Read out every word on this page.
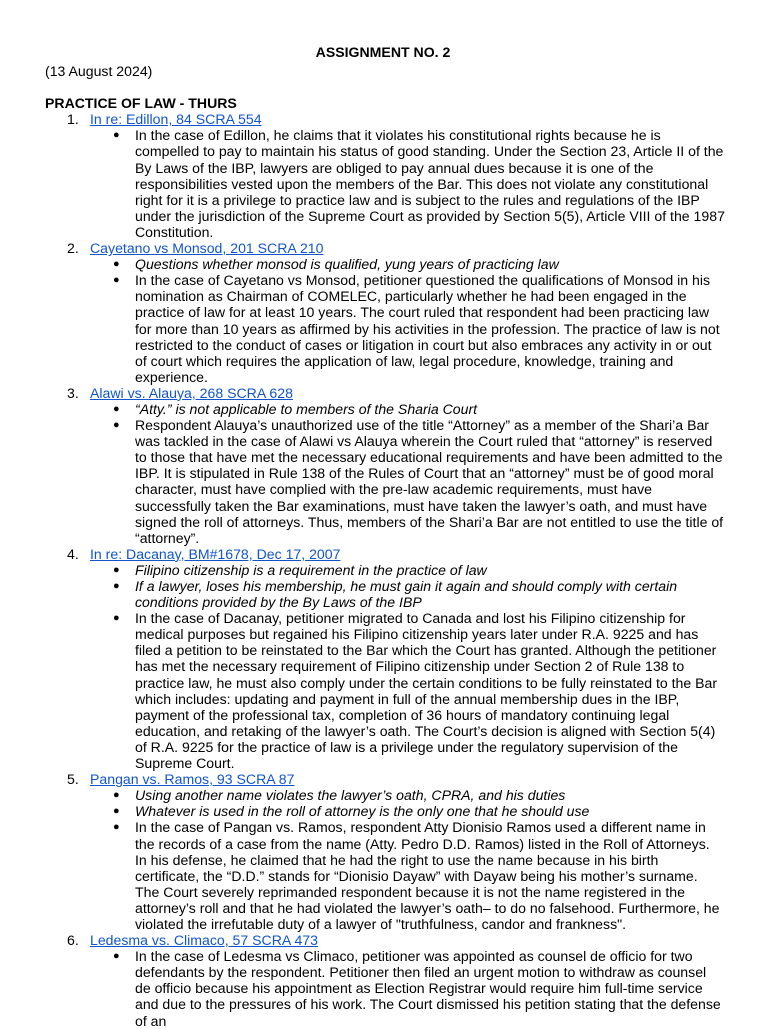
ASSIGNMENT NO. 2
(13 August 2024)
PRACTICE OF LAW - THURS
1. In re: Edillon, 84 SCRA 554
● In the case of Edillon, he claims that it violates his constitutional rights because he is compelled to pay to maintain his status of good standing. Under the Section 23, Article II of the By Laws of the IBP, lawyers are obliged to pay annual dues because it is one of the responsibilities vested upon the members of the Bar. This does not violate any constitutional right for it is a privilege to practice law and is subject to the rules and regulations of the IBP under the jurisdiction of the Supreme Court as provided by Section 5(5), Article VIII of the 1987 Constitution.
2. Cayetano vs Monsod, 201 SCRA 210
● Questions whether monsod is qualified, yung years of practicing law
● In the case of Cayetano vs Monsod, petitioner questioned the qualifications of Monsod in his nomination as Chairman of COMELEC, particularly whether he had been engaged in the practice of law for at least 10 years. The court ruled that respondent had been practicing law for more than 10 years as affirmed by his activities in the profession. The practice of law is not restricted to the conduct of cases or litigation in court but also embraces any activity in or out of court which requires the application of law, legal procedure, knowledge, training and experience.
3. Alawi vs. Alauya, 268 SCRA 628
● “Atty.” is not applicable to members of the Sharia Court
● Respondent Alauya’s unauthorized use of the title “Attorney” as a member of the Shari’a Bar was tackled in the case of Alawi vs Alauya wherein the Court ruled that “attorney” is reserved to those that have met the necessary educational requirements and have been admitted to the IBP. It is stipulated in Rule 138 of the Rules of Court that an “attorney” must be of good moral character, must have complied with the pre-law academic requirements, must have successfully taken the Bar examinations, must have taken the lawyer’s oath, and must have signed the roll of attorneys. Thus, members of the Shari’a Bar are not entitled to use the title of “attorney”.
4. In re: Dacanay, BM#1678, Dec 17, 2007
● Filipino citizenship is a requirement in the practice of law
● If a lawyer, loses his membership, he must gain it again and should comply with certain conditions provided by the By Laws of the IBP
● In the case of Dacanay, petitioner migrated to Canada and lost his Filipino citizenship for medical purposes but regained his Filipino citizenship years later under R.A. 9225 and has filed a petition to be reinstated to the Bar which the Court has granted. Although the petitioner has met the necessary requirement of Filipino citizenship under Section 2 of Rule 138 to practice law, he must also comply under the certain conditions to be fully reinstated to the Bar which includes: updating and payment in full of the annual membership dues in the IBP, payment of the professional tax, completion of 36 hours of mandatory continuing legal education, and retaking of the lawyer’s oath. The Court’s decision is aligned with Section 5(4) of R.A. 9225 for the practice of law is a privilege under the regulatory supervision of the Supreme Court.
5. Pangan vs. Ramos, 93 SCRA 87
● Using another name violates the lawyer’s oath, CPRA, and his duties
● Whatever is used in the roll of attorney is the only one that he should use
● In the case of Pangan vs. Ramos, respondent Atty Dionisio Ramos used a different name in the records of a case from the name (Atty. Pedro D.D. Ramos) listed in the Roll of Attorneys. In his defense, he claimed that he had the right to use the name because in his birth certificate, the “D.D.” stands for “Dionisio Dayaw” with Dayaw being his mother’s surname. The Court severely reprimanded respondent because it is not the name registered in the attorney’s roll and that he had violated the lawyer’s oath– to do no falsehood. Furthermore, he violated the irrefutable duty of a lawyer of "truthfulness, candor and frankness".
6. Ledesma vs. Climaco, 57 SCRA 473
● In the case of Ledesma vs Climaco, petitioner was appointed as counsel de officio for two defendants by the respondent. Petitioner then filed an urgent motion to withdraw as counsel de officio because his appointment as Election Registrar would require him full-time service and due to the pressures of his work. The Court dismissed his petition stating that the defense of an
